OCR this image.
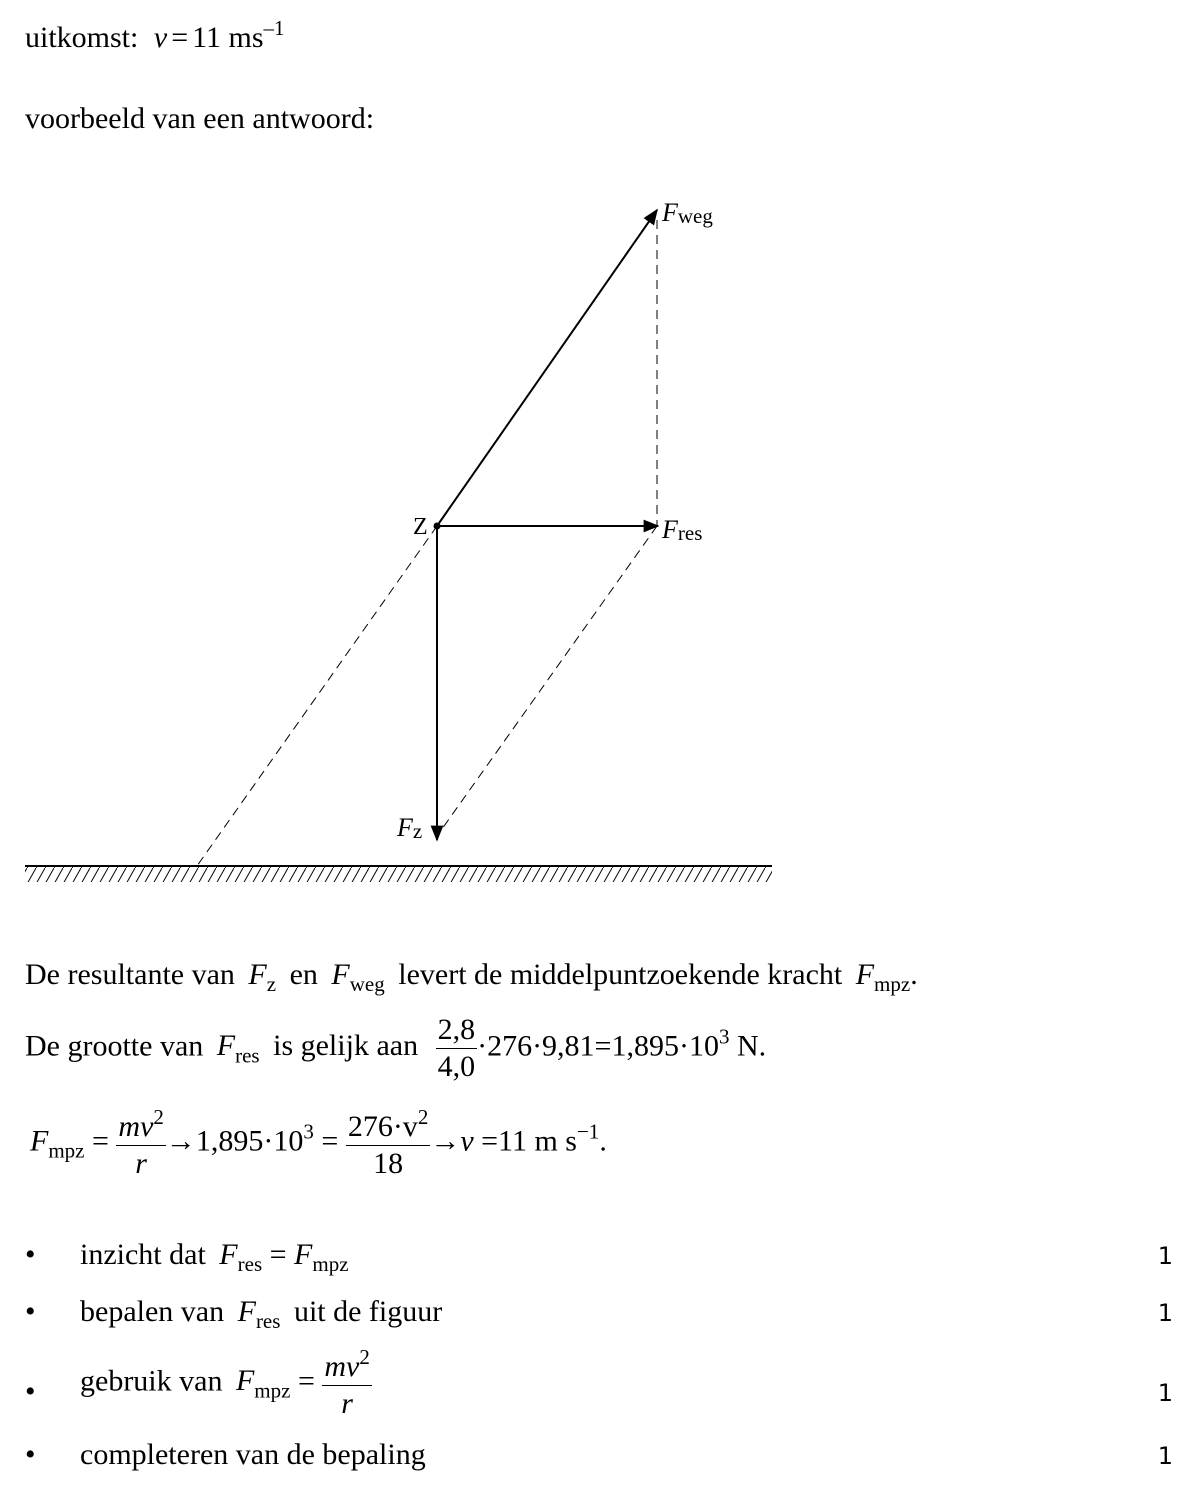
uitkomst: v = 11 $ms^{-1}$
voorbeeld van een antwoord:
Z
Fweg
Fres
Fz
De resultante van $F_z$ en $F_{weg}$ levert de middelpuntzoekende kracht $F_{mpz}$.
De grootte van $F_{res}$ is gelijk aan $\frac{2,8}{4,0} \cdot 276\cdot 9,81=1,895\cdot 10^3$ N.
$F_{mpz} = \frac{mv^2}{r} \to 1,895\cdot 10^3 = \frac{276\cdot v^2}{18} \to v =11$ m $s^{-1}$.
• inzicht dat $F_{res} = F_{mpz}$	1
• bepalen van $F_{res}$ uit de figuur	1
• gebruik van $F_{mpz} = \frac{mv^2}{r}$	1
• completeren van de bepaling	1
